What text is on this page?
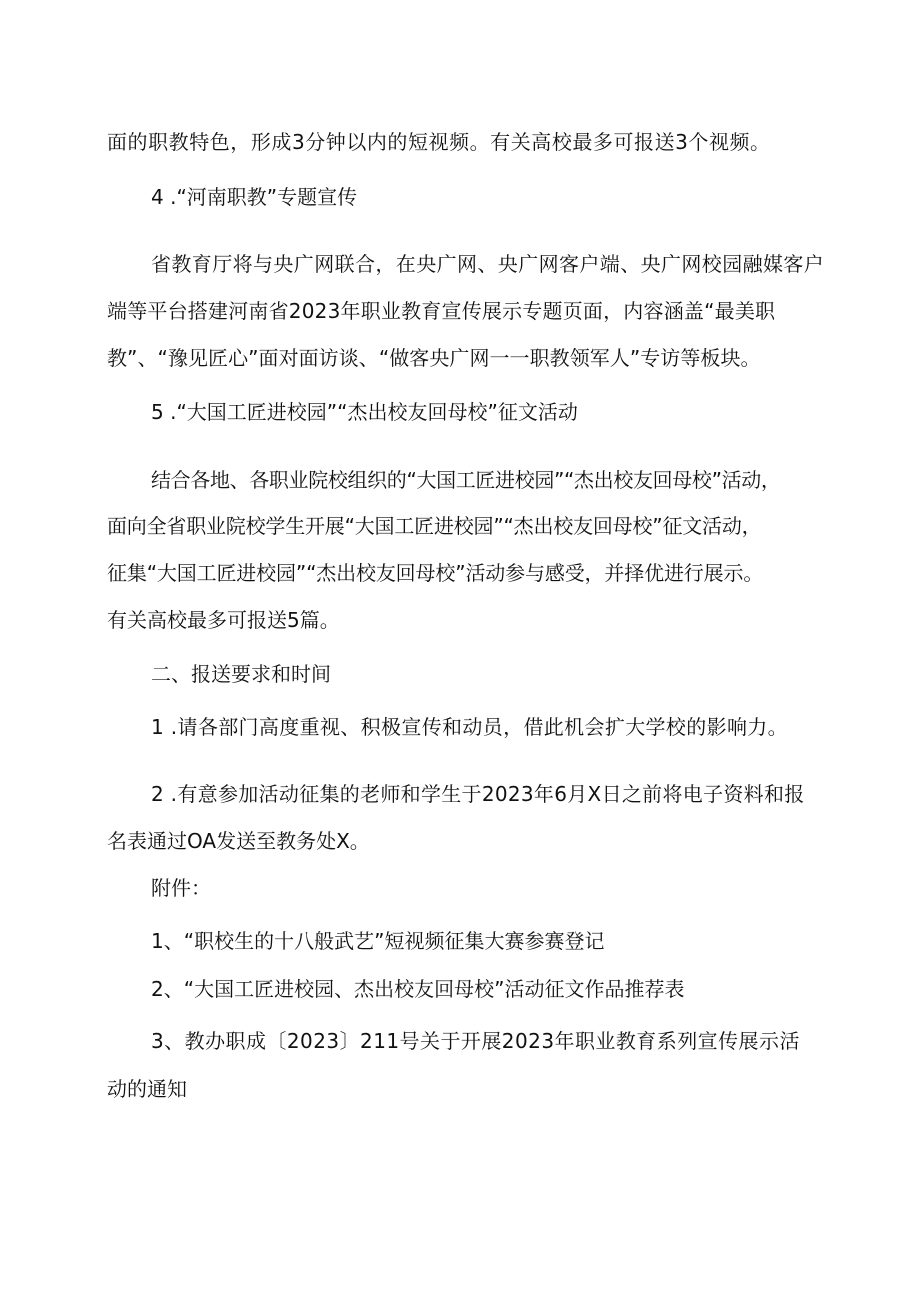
面的职教特色，形成3分钟以内的短视频。有关高校最多可报送3个视频。
4 .“河南职教”专题宣传
省教育厅将与央广网联合，在央广网、央广网客户端、央广网校园融媒客户
端等平台搭建河南省2023年职业教育宣传展示专题页面，内容涵盖“最美职
教”、“豫见匠心”面对面访谈、“做客央广网一一职教领军人”专访等板块。
5 .“大国工匠进校园”“杰出校友回母校”征文活动
结合各地、各职业院校组织的“大国工匠进校园”“杰出校友回母校”活动，
面向全省职业院校学生开展“大国工匠进校园”“杰出校友回母校”征文活动，
征集“大国工匠进校园”“杰出校友回母校”活动参与感受，并择优进行展示。
有关高校最多可报送5篇。
二、报送要求和时间
1 .请各部门高度重视、积极宣传和动员，借此机会扩大学校的影响力。
2 .有意参加活动征集的老师和学生于2023年6月X日之前将电子资料和报
名表通过OA发送至教务处X。
附件：
1、“职校生的十八般武艺”短视频征集大赛参赛登记
2、“大国工匠进校园、杰出校友回母校”活动征文作品推荐表
3、教办职成〔2023〕211号关于开展2023年职业教育系列宣传展示活
动的通知
